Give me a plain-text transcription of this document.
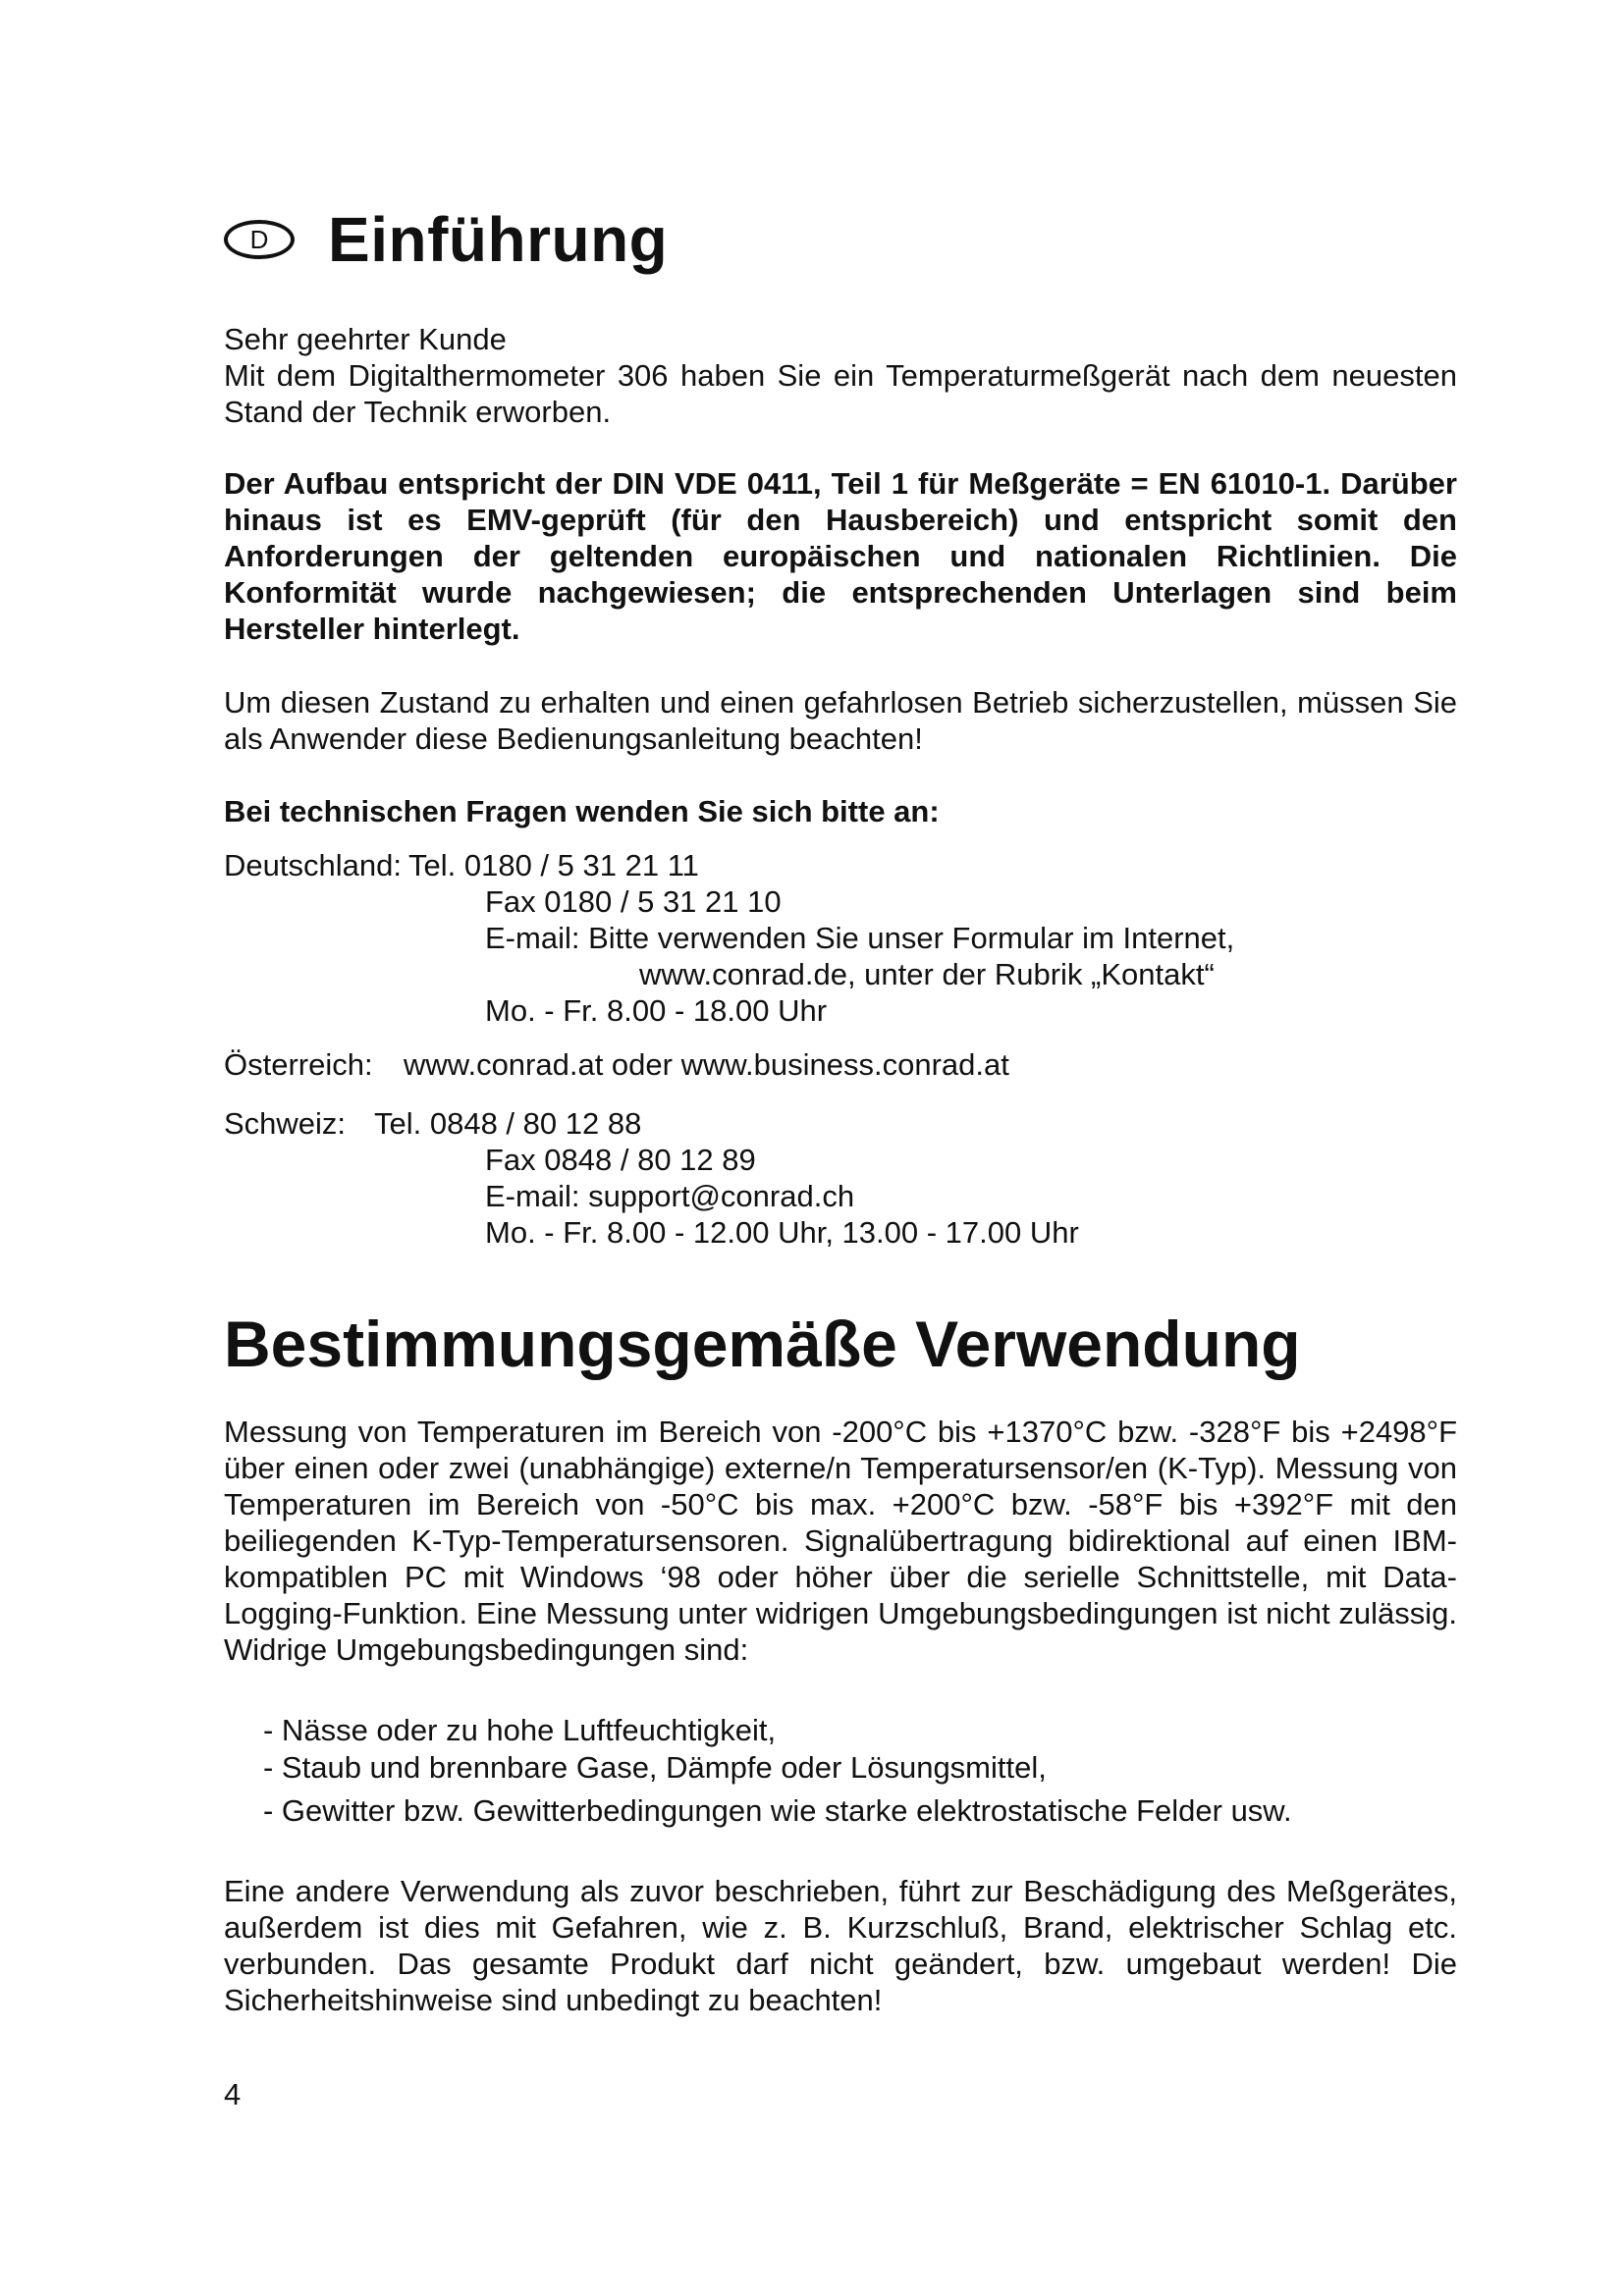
D Einführung
Sehr geehrter Kunde
Mit dem Digitalthermometer 306 haben Sie ein Temperaturmeßgerät nach dem neuesten Stand der Technik erworben.
Der Aufbau entspricht der DIN VDE 0411, Teil 1 für Meßgeräte = EN 61010-1. Darüber hinaus ist es EMV-geprüft (für den Hausbereich) und entspricht somit den Anforderungen der geltenden europäischen und nationalen Richtlinien. Die Konformität wurde nachgewiesen; die entsprechenden Unterlagen sind beim Hersteller hinterlegt.
Um diesen Zustand zu erhalten und einen gefahrlosen Betrieb sicherzustellen, müssen Sie als Anwender diese Bedienungsanleitung beachten!
Bei technischen Fragen wenden Sie sich bitte an:
Deutschland: Tel. 0180 / 5 31 21 11
Fax 0180 / 5 31 21 10
E-mail: Bitte verwenden Sie unser Formular im Internet,
www.conrad.de, unter der Rubrik „Kontakt“
Mo. - Fr. 8.00 - 18.00 Uhr
Österreich: www.conrad.at oder www.business.conrad.at
Schweiz: Tel. 0848 / 80 12 88
Fax 0848 / 80 12 89
E-mail: support@conrad.ch
Mo. - Fr. 8.00 - 12.00 Uhr, 13.00 - 17.00 Uhr
Bestimmungsgemäße Verwendung
Messung von Temperaturen im Bereich von -200°C bis +1370°C bzw. -328°F bis +2498°F über einen oder zwei (unabhängige) externe/n Temperatursensor/en (K-Typ). Messung von Temperaturen im Bereich von -50°C bis max. +200°C bzw. -58°F bis +392°F mit den beiliegenden K-Typ-Temperatursensoren. Signalübertragung bidirektional auf einen IBM-kompatiblen PC mit Windows ‘98 oder höher über die serielle Schnittstelle, mit Data-Logging-Funktion. Eine Messung unter widrigen Umgebungsbedingungen ist nicht zulässig. Widrige Umgebungsbedingungen sind:
- Nässe oder zu hohe Luftfeuchtigkeit,
- Staub und brennbare Gase, Dämpfe oder Lösungsmittel,
- Gewitter bzw. Gewitterbedingungen wie starke elektrostatische Felder usw.
Eine andere Verwendung als zuvor beschrieben, führt zur Beschädigung des Meßgerätes, außerdem ist dies mit Gefahren, wie z. B. Kurzschluß, Brand, elektrischer Schlag etc. verbunden. Das gesamte Produkt darf nicht geändert, bzw. umgebaut werden! Die Sicherheitshinweise sind unbedingt zu beachten!
4
